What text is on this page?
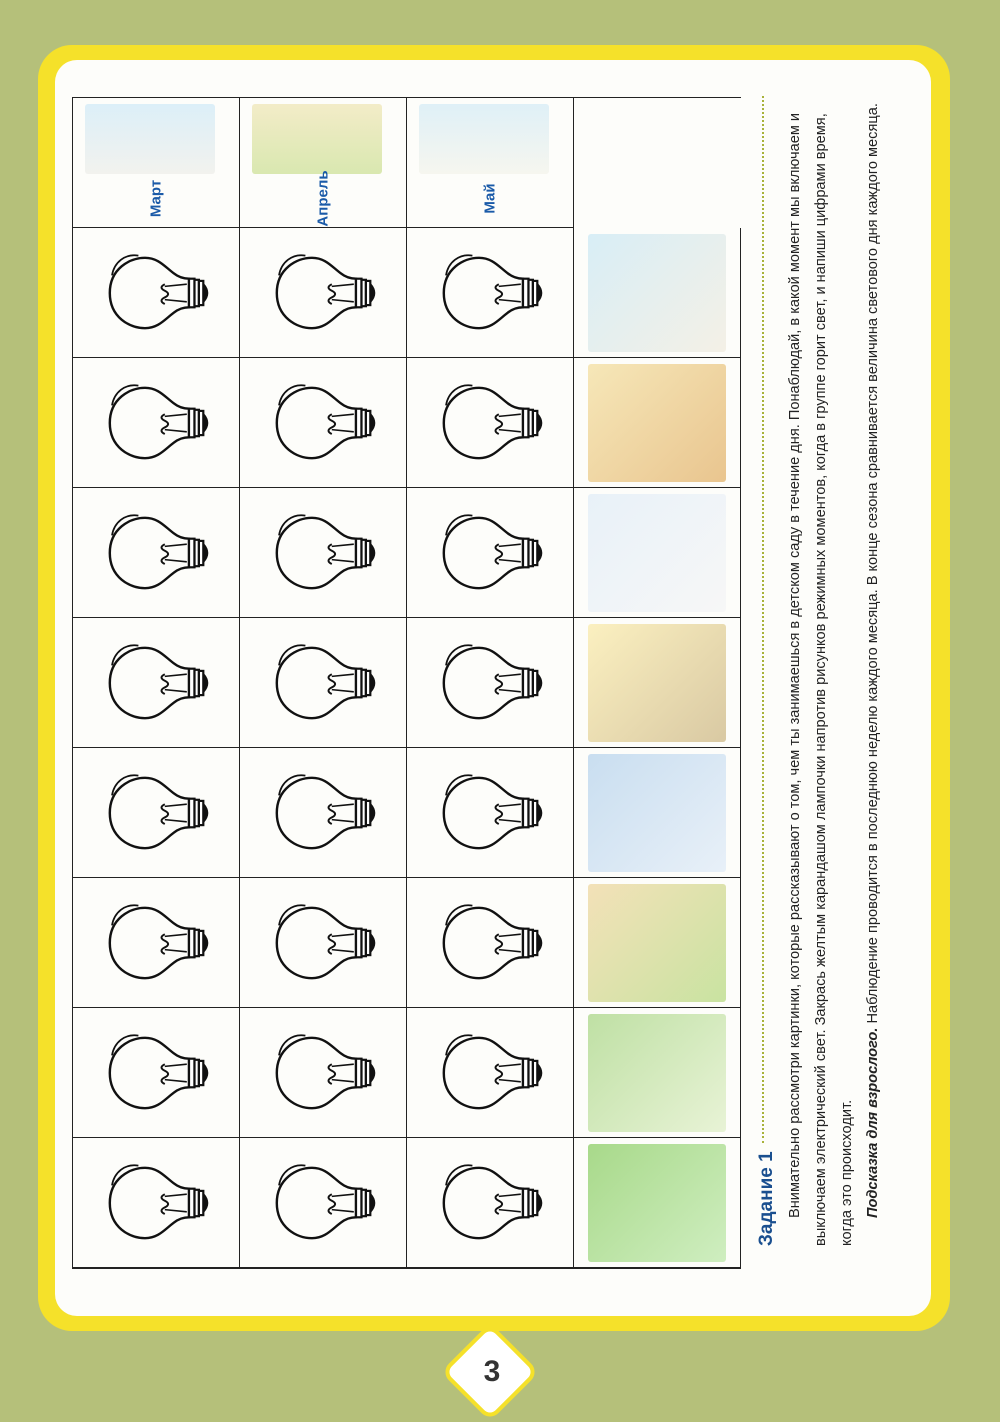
Март	Апрель	Май
Задание 1 Внимательно рассмотри картинки, которые рассказывают о том, чем ты занимаешься в детском саду в течение дня. Понаблюдай, в какой момент мы включаем и выключаем электрический свет. Закрась желтым карандашом лампочки напротив рисунков режимных моментов, когда в группе горит свет, и напиши цифрами время, когда это происходит. Подсказка для взрослого. Наблюдение проводится в последнюю неделю каждого месяца. В конце сезона сравнивается величина светового дня каждого месяца.

3
